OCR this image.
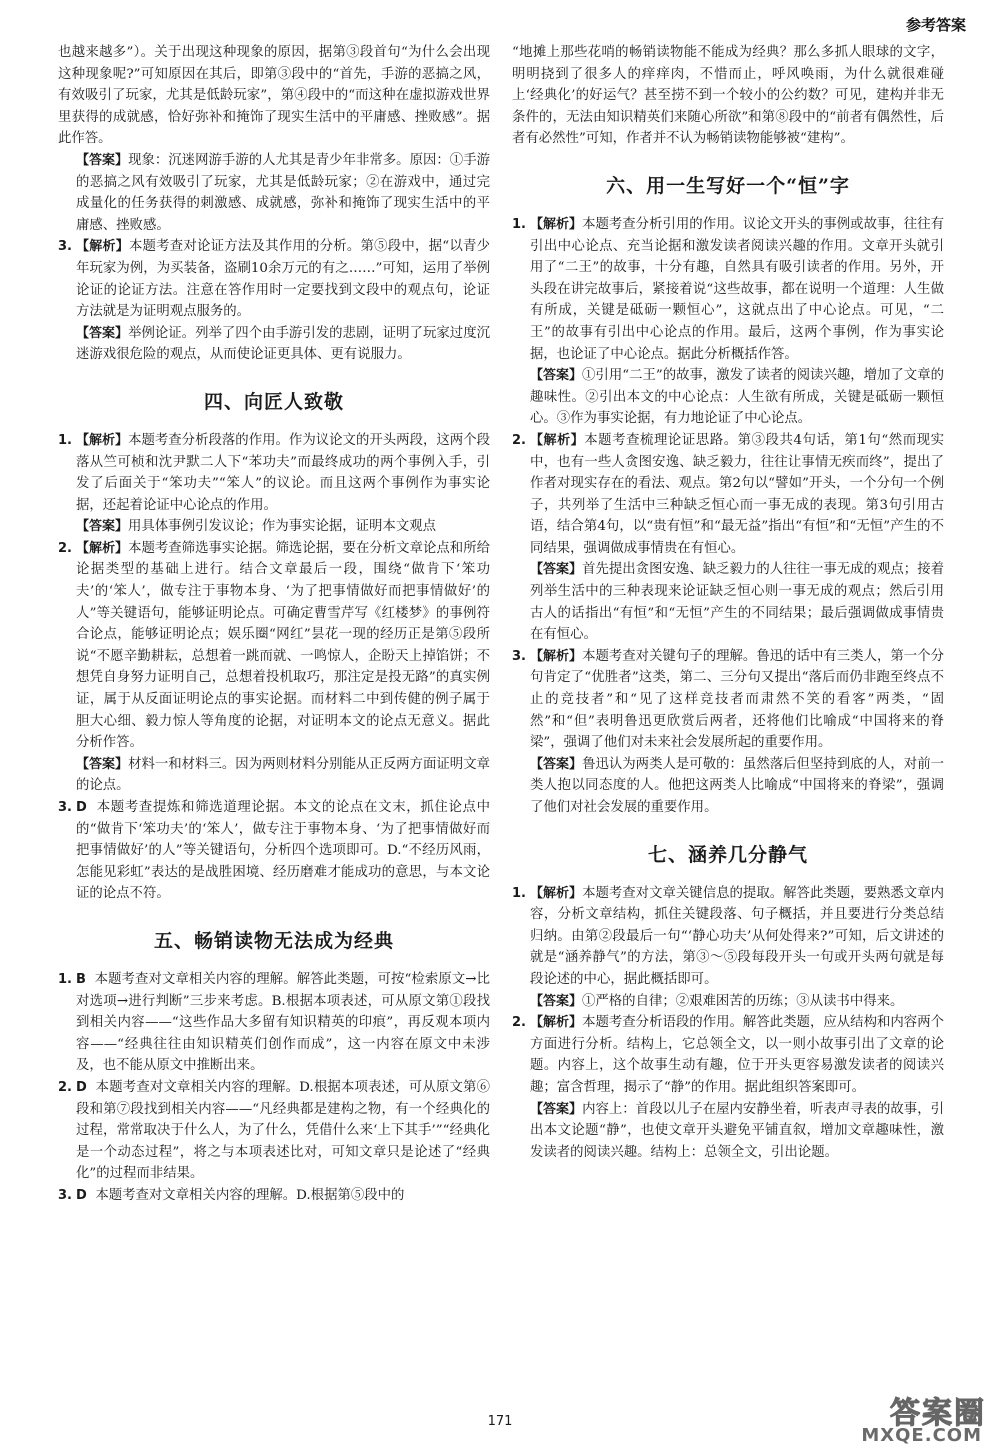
参考答案

也越来越多”）。关于出现这种现象的原因，据第③段首句“为什么会出现这种现象呢?”可知原因在其后，即第③段中的“首先，手游的恶搞之风，有效吸引了玩家，尤其是低龄玩家”，第④段中的“而这种在虚拟游戏世界里获得的成就感，恰好弥补和掩饰了现实生活中的平庸感、挫败感”。据此作答。

【答案】现象：沉迷网游手游的人尤其是青少年非常多。原因：①手游的恶搞之风有效吸引了玩家，尤其是低龄玩家；②在游戏中，通过完成量化的任务获得的刺激感、成就感，弥补和掩饰了现实生活中的平庸感、挫败感。
3. 【解析】本题考查对论证方法及其作用的分析。第⑤段中，据“以青少年玩家为例，为买装备，盗刷10余万元的有之……”可知，运用了举例论证的论证方法。注意在答作用时一定要找到文段中的观点句，论证方法就是为证明观点服务的。
【答案】举例论证。列举了四个由手游引发的悲剧，证明了玩家过度沉迷游戏很危险的观点，从而使论证更具体、更有说服力。
四、向匠人致敬
1. 【解析】本题考查分析段落的作用。作为议论文的开头两段，这两个段落从竺可桢和沈尹默二人下“苯功夫”而最终成功的两个事例入手，引发了后面关于“笨功夫”“笨人”的议论。而且这两个事例作为事实论据，还起着论证中心论点的作用。
【答案】用具体事例引发议论；作为事实论据，证明本文观点
2. 【解析】本题考查筛选事实论据。筛选论据，要在分析文章论点和所给论据类型的基础上进行。结合文章最后一段，围绕“做肯下‘笨功夫’的‘笨人’，做专注于事物本身、‘为了把事情做好而把事情做好’的人”等关键语句，能够证明论点。可确定曹雪芹写《红楼梦》的事例符合论点，能够证明论点；娱乐圈“网红”昙花一现的经历正是第⑤段所说“不愿辛勤耕耘，总想着一跳而就、一鸣惊人，企盼天上掉馅饼；不想凭自身努力证明自己，总想着投机取巧，那注定是投无路”的真实例证，属于从反面证明论点的事实论据。而材料二中到传健的例子属于胆大心细、毅力惊人等角度的论据，对证明本文的论点无意义。据此分析作答。
【答案】材料一和材料三。因为两则材料分别能从正反两方面证明文章的论点。
3. D 本题考查提炼和筛选道理论据。本文的论点在文末，抓住论点中的“做肯下‘笨功夫’的‘笨人’，做专注于事物本身、‘为了把事情做好而把事情做好’的人”等关键语句，分析四个选项即可。D.“不经历风雨，怎能见彩虹”表达的是战胜困境、经历磨难才能成功的意思，与本文论证的论点不符。
五、畅销读物无法成为经典
1. B 本题考查对文章相关内容的理解。解答此类题，可按“检索原文→比对选项→进行判断”三步来考虑。B.根据本项表述，可从原文第①段找到相关内容——“这些作品大多留有知识精英的印痕”，再反观本项内容——“经典往往由知识精英们创作而成”，这一内容在原文中未涉及，也不能从原文中推断出来。
2. D 本题考查对文章相关内容的理解。D.根据本项表述，可从原文第⑥段和第⑦段找到相关内容——“凡经典都是建构之物，有一个经典化的过程，常常取决于什么人，为了什么，凭借什么来‘上下其手’”“经典化是一个动态过程”，将之与本项表述比对，可知文章只是论述了“经典化”的过程而非结果。
3. D 本题考查对文章相关内容的理解。D.根据第⑤段中的

“地摊上那些花哨的畅销读物能不能成为经典？那么多抓人眼球的文字，明明挠到了很多人的痒痒肉，不惜而止，呼风唤雨，为什么就很难碰上‘经典化’的好运气？甚至捞不到一个较小的公约数？可见，建构并非无条件的，无法由知识精英们来随心所欲”和第⑧段中的“前者有偶然性，后者有必然性”可知，作者并不认为畅销读物能够被“建构”。

六、用一生写好一个“恒”字
1. 【解析】本题考查分析引用的作用。议论文开头的事例或故事，往往有引出中心论点、充当论据和激发读者阅读兴趣的作用。文章开头就引用了“二王”的故事，十分有趣，自然具有吸引读者的作用。另外，开头段在讲完故事后，紧接着说“这些故事，都在说明一个道理：人生做有所成，关键是砥砺一颗恒心”，这就点出了中心论点。可见，“二王”的故事有引出中心论点的作用。最后，这两个事例，作为事实论据，也论证了中心论点。据此分析概括作答。
【答案】①引用“二王”的故事，激发了读者的阅读兴趣，增加了文章的趣味性。②引出本文的中心论点：人生欲有所成，关键是砥砺一颗恒心。③作为事实论据，有力地论证了中心论点。
2. 【解析】本题考查梳理论证思路。第③段共4句话，第1句“然而现实中，也有一些人贪图安逸、缺乏毅力，往往让事情无疾而终”，提出了作者对现实存在的看法、观点。第2句以“譬如”开头，一个分句一个例子，共列举了生活中三种缺乏恒心而一事无成的表现。第3句引用古语，结合第4句，以“贵有恒”和“最无益”指出“有恒”和“无恒”产生的不同结果，强调做成事情贵在有恒心。
【答案】首先提出贪图安逸、缺乏毅力的人往往一事无成的观点；接着列举生活中的三种表现来论证缺乏恒心则一事无成的观点；然后引用古人的话指出“有恒”和“无恒”产生的不同结果；最后强调做成事情贵在有恒心。
3. 【解析】本题考查对关键句子的理解。鲁迅的话中有三类人，第一个分句肯定了“优胜者”这类，第二、三分句又提出“落后而仍非跑至终点不止的竞技者”和“见了这样竞技者而肃然不笑的看客”两类，“固然”和“但”表明鲁迅更欣赏后两者，还将他们比喻成“中国将来的脊梁”，强调了他们对未来社会发展所起的重要作用。
【答案】鲁迅认为两类人是可敬的：虽然落后但坚持到底的人，对前一类人抱以同态度的人。他把这两类人比喻成“中国将来的脊梁”，强调了他们对社会发展的重要作用。
七、涵养几分静气
1. 【解析】本题考查对文章关键信息的提取。解答此类题，要熟悉文章内容，分析文章结构，抓住关键段落、句子概括，并且要进行分类总结归纳。由第②段最后一句“‘静心功夫’从何处得来?”可知，后文讲述的就是“涵养静气”的方法，第③～⑤段每段开头一句或开头两句就是每段论述的中心，据此概括即可。
【答案】①严格的自律；②艰难困苦的历练；③从读书中得来。
2. 【解析】本题考查分析语段的作用。解答此类题，应从结构和内容两个方面进行分析。结构上，它总领全文，以一则小故事引出了文章的论题。内容上，这个故事生动有趣，位于开头更容易激发读者的阅读兴趣；富含哲理，揭示了“静”的作用。据此组织答案即可。
【答案】内容上：首段以儿子在屋内安静坐着，听表声寻表的故事，引出本文论题“静”，也使文章开头避免平铺直叙，增加文章趣味性，激发读者的阅读兴趣。结构上：总领全文，引出论题。
171	答案圈
MXQE.COM
